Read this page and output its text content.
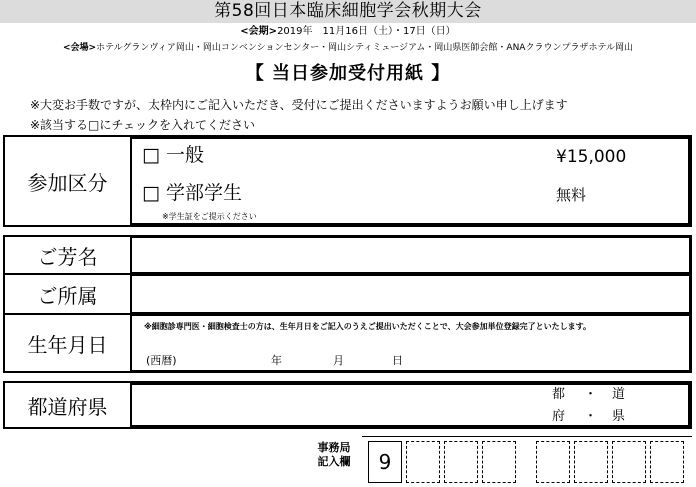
第58回日本臨床細胞学会秋期大会
<会期>2019年　11月16日（土）・17日（日）
<会場>ホテルグランヴィア岡山・岡山コンベンションセンター・岡山シティミュージアム・岡山県医師会館・ANAクラウンプラザホテル岡山
【 当日参加受付用紙 】
※大変お手数ですが、太枠内にご記入いただき、受付にご提出くださいますようお願い申し上げます
※該当する□にチェックを入れてください
参加区分
□ 一般	¥15,000
□ 学部学生	無料
※学生証をご提示ください
ご芳名
ご所属
生年月日
※細胞診専門医・細胞検査士の方は、生年月日をご記入のうえご提出いただくことで、大会参加単位登録完了といたします。
(西暦)	年	月	日
都道府県	都 ・ 道
府 ・ 県
事務局
記入欄	9
